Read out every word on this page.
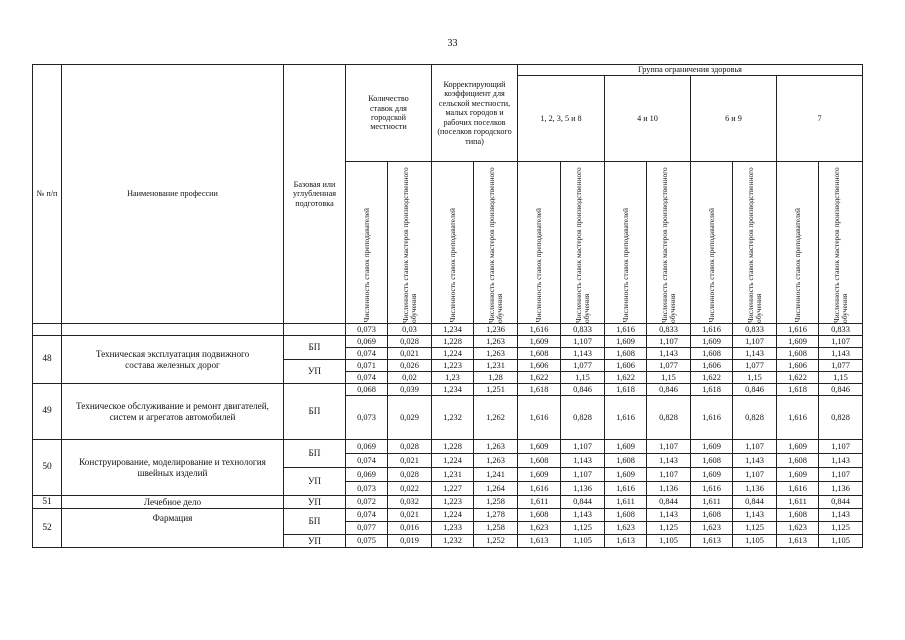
33
№ п/п	Наименование профессии	Базовая или углубленная подготовка	Количество ставок для городской местности		Корректирующий коэффициент для сельской местности, малых городов и рабочих поселков (поселков городского типа)		Группа ограничения здоровья							
							1, 2, 3, 5 и 8		4 и 10		6 и 9		7	

			Численность ставок преподавателей	Численность ставок мастеров производственного обучения	Численность ставок преподавателей	Численность ставок мастеров производственного обучения	Численность ставок преподавателей	Численность ставок мастеров производственного обучения	Численность ставок преподавателей	Численность ставок мастеров производственного обучения	Численность ставок преподавателей	Численность ставок мастеров производственного обучения	Численность ставок преподавателей	Численность ставок мастеров производственного обучения

			0,073	0,03	1,234	1,236	1,616	0,833	1,616	0,833	1,616	0,833	1,616	0,833
48	Техническая эксплуатация подвижного состава железных дорог	БП	0,069	0,028	1,228	1,263	1,609	1,107	1,609	1,107	1,609	1,107	1,609	1,107
			0,074	0,021	1,224	1,263	1,608	1,143	1,608	1,143	1,608	1,143	1,608	1,143
		УП	0,071	0,026	1,223	1,231	1,606	1,077	1,606	1,077	1,606	1,077	1,606	1,077
			0,074	0,02	1,23	1,28	1,622	1,15	1,622	1,15	1,622	1,15	1,622	1,15
49	Техническое обслуживание и ремонт двигателей, систем и агрегатов автомобилей	БП	0,068	0,039	1,234	1,251	1,618	0,846	1,618	0,846	1,618	0,846	1,618	0,846
			0,073	0,029	1,232	1,262	1,616	0,828	1,616	0,828	1,616	0,828	1,616	0,828
50	Конструирование, моделирование и технология швейных изделий	БП	0,069	0,028	1,228	1,263	1,609	1,107	1,609	1,107	1,609	1,107	1,609	1,107
			0,074	0,021	1,224	1,263	1,608	1,143	1,608	1,143	1,608	1,143	1,608	1,143
		УП	0,069	0,028	1,231	1,241	1,609	1,107	1,609	1,107	1,609	1,107	1,609	1,107
			0,073	0,022	1,227	1,264	1,616	1,136	1,616	1,136	1,616	1,136	1,616	1,136
51	Лечебное дело	УП	0,072	0,032	1,223	1,258	1,611	0,844	1,611	0,844	1,611	0,844	1,611	0,844
52	Фармация	БП	0,074	0,021	1,224	1,278	1,608	1,143	1,608	1,143	1,608	1,143	1,608	1,143
			0,077	0,016	1,233	1,258	1,623	1,125	1,623	1,125	1,623	1,125	1,623	1,125
		УП	0,075	0,019	1,232	1,252	1,613	1,105	1,613	1,105	1,613	1,105	1,613	1,105
